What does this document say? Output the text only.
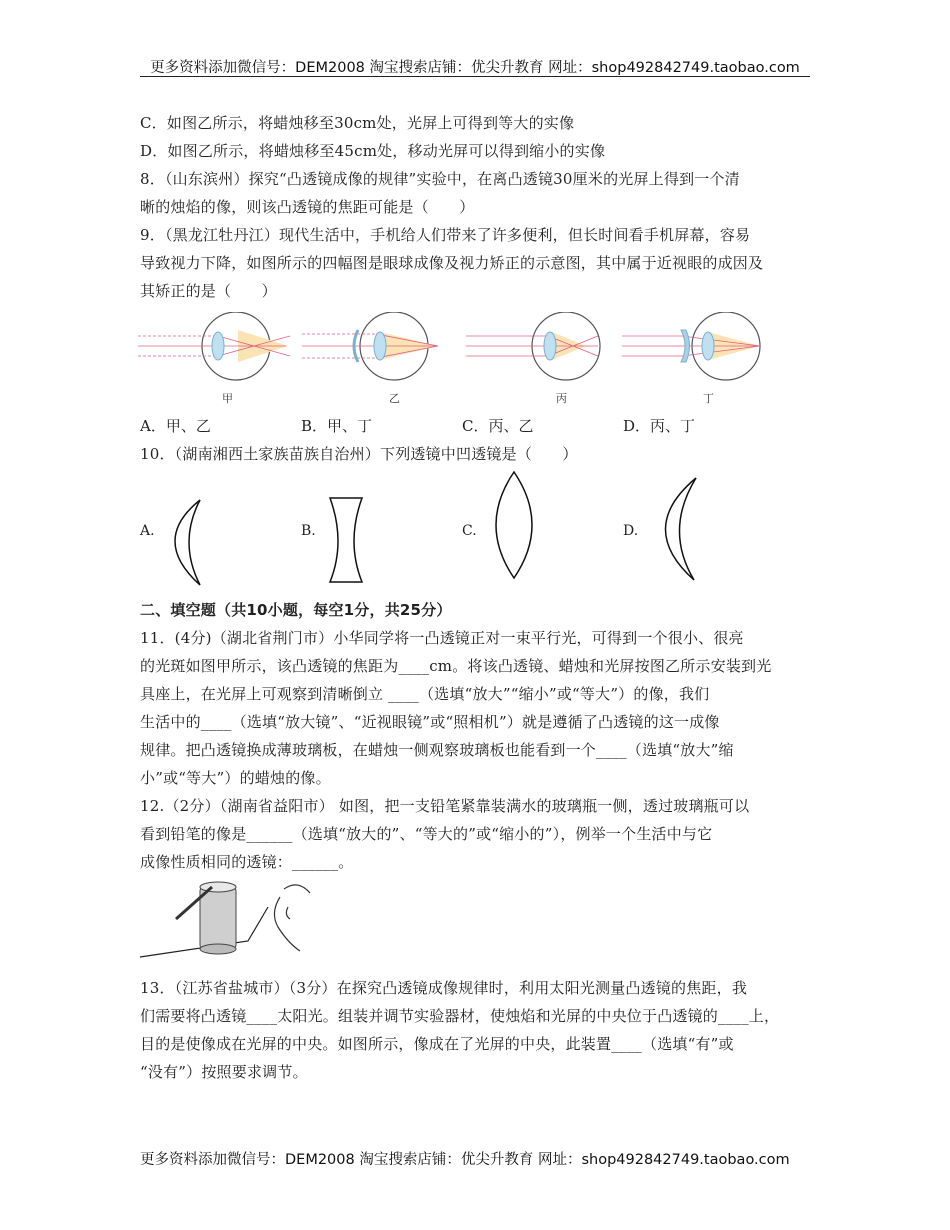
更多资料添加微信号：DEM2008 淘宝搜索店铺：优尖升教育 网址：shop492842749.taobao.com
C．如图乙所示，将蜡烛移至30cm处，光屏上可得到等大的实像
D．如图乙所示，将蜡烛移至45cm处，移动光屏可以得到缩小的实像
8．（山东滨州）探究“凸透镜成像的规律”实验中，在离凸透镜30厘米的光屏上得到一个清
晰的烛焰的像，则该凸透镜的焦距可能是（　　）
9．（黑龙江牡丹江）现代生活中，手机给人们带来了许多便利，但长时间看手机屏幕，容易
导致视力下降，如图所示的四幅图是眼球成像及视力矫正的示意图，其中属于近视眼的成因及
其矫正的是（　　）
甲	乙	丙	丁
A．甲、乙	B．甲、丁	C．丙、乙	D．丙、丁
10．（湖南湘西土家族苗族自治州）下列透镜中凹透镜是（　　）
A.	B.	C.	D.
二、填空题（共10小题，每空1分，共25分）
11．(4分)（湖北省荆门市）小华同学将一凸透镜正对一束平行光，可得到一个很小、很亮
的光斑如图甲所示，该凸透镜的焦距为____cm。将该凸透镜、蜡烛和光屏按图乙所示安装到光
具座上，在光屏上可观察到清晰倒立 ____（选填“放大”“缩小”或“等大”）的像，我们
生活中的____（选填“放大镜”、“近视眼镜”或“照相机”）就是遵循了凸透镜的这一成像
规律。把凸透镜换成薄玻璃板，在蜡烛一侧观察玻璃板也能看到一个____（选填“放大”缩
小”或“等大”）的蜡烛的像。
12.（2分）（湖南省益阳市） 如图，把一支铅笔紧靠装满水的玻璃瓶一侧，透过玻璃瓶可以
看到铅笔的像是______（选填“放大的”、“等大的”或“缩小的”），例举一个生活中与它
成像性质相同的透镜：______。
13．（江苏省盐城市）（3分）在探究凸透镜成像规律时，利用太阳光测量凸透镜的焦距，我
们需要将凸透镜____太阳光。组装并调节实验器材，使烛焰和光屏的中央位于凸透镜的____上，
目的是使像成在光屏的中央。如图所示，像成在了光屏的中央，此装置____（选填“有”或
“没有”）按照要求调节。
更多资料添加微信号：DEM2008 淘宝搜索店铺：优尖升教育 网址：shop492842749.taobao.com
